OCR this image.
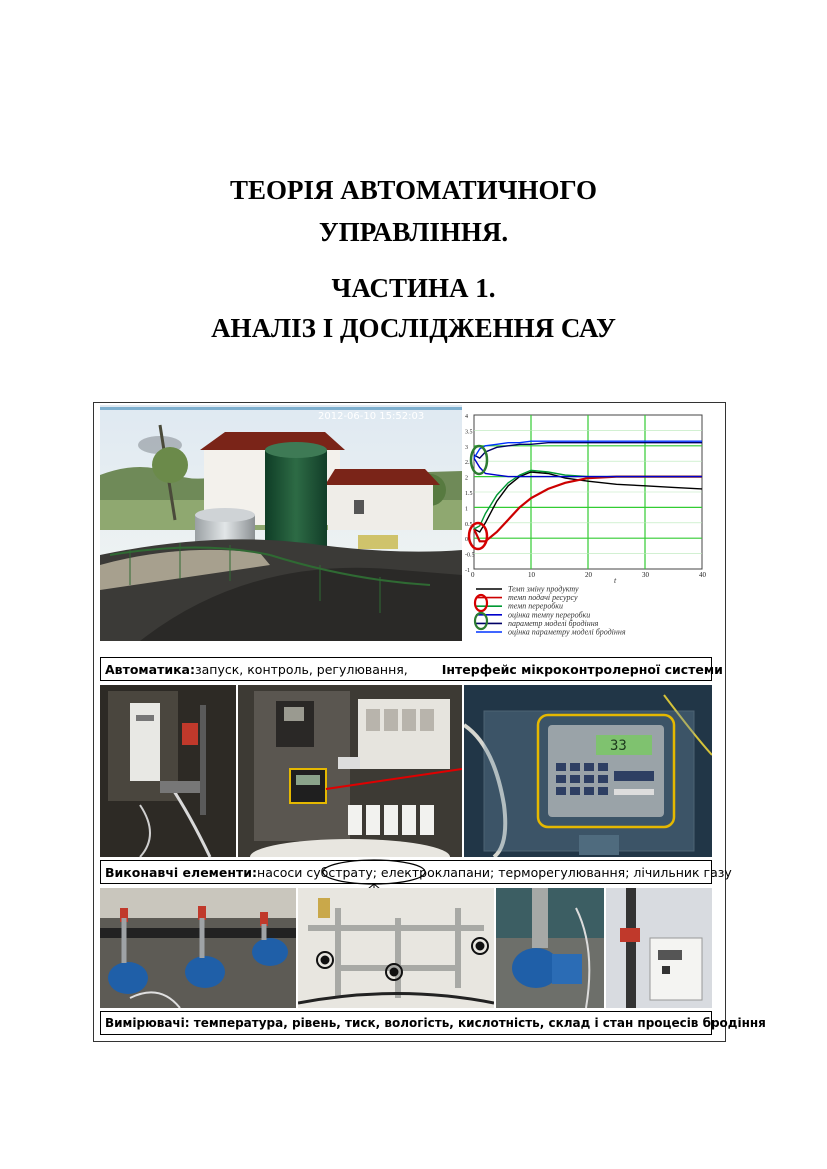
ТЕОРІЯ АВТОМАТИЧНОГО
УПРАВЛІННЯ.
ЧАСТИНА 1.
АНАЛІЗ І ДОСЛІДЖЕННЯ САУ
2012-06-10 15:52:03	4
3.5
3
2.5
2
1.5
1
0.5
0
-0.5
-1 0	10	20	30	40
t
Темп зміну продукту
темп подачі ресурсу
темп переробки
оцінка темпу переробки
параметр моделі бродіння
оцінка параметру моделі бродіння
Автоматика: запуск, контроль, регулювання,	Інтерфейс мікроконтролерної системи
33
Виконавчі елементи: насоси субстрату; електроклапани; терморегулювання; лічильник газу
Вимірювачі: температура, рівень, тиск, вологість, кислотність, склад і стан процесів бродіння
